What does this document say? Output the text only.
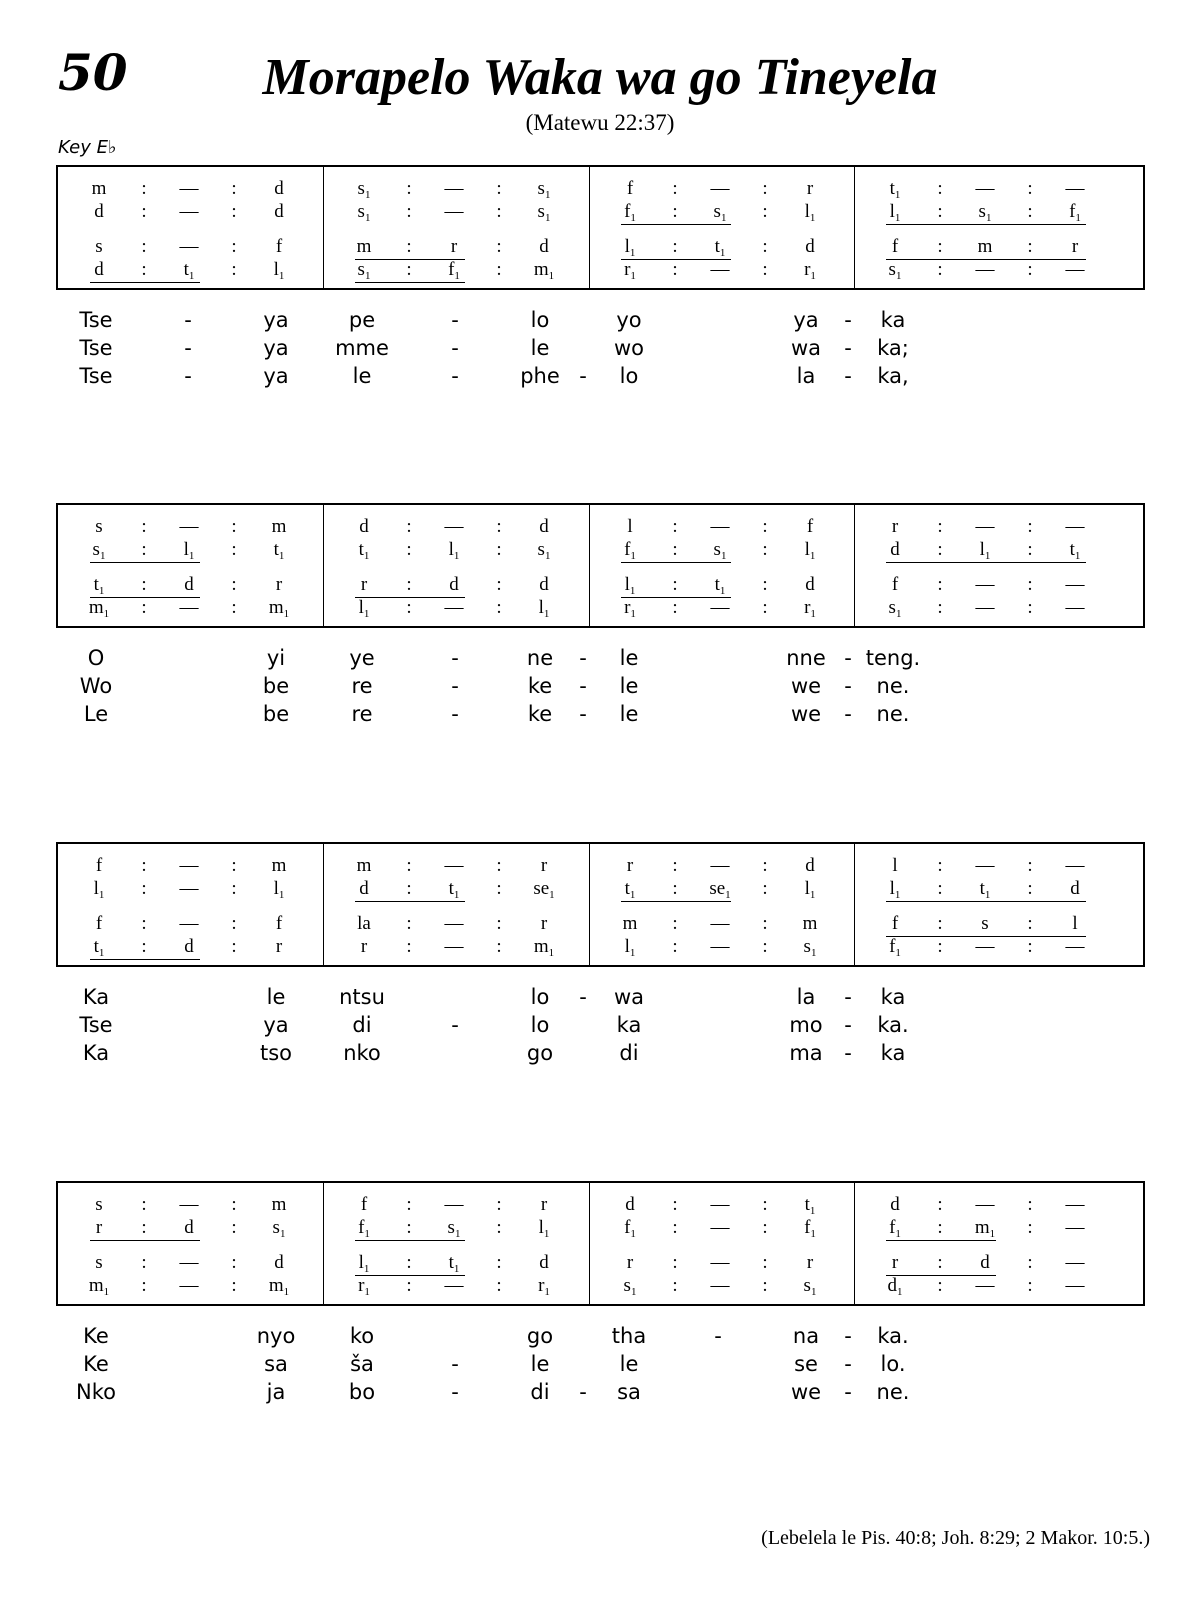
50	Morapelo Waka wa go Tineyela
(Matewu 22:37)
Key E♭
m : — : d	$s_1$ : — : $s_1$	f : — : r	$t_1$ : — : —
d : — : d	$s_1$ : — : $s_1$	$f_1$ : $s_1$ : $l_1$	$l_1$ : $s_1$ : $f_1$
s : — : f	m : r : d	$l_1$ : $t_1$ : d	f : m : r
d : $t_1$ : $l_1$	$s_1$ : $f_1$ : $m_1$	$r_1$ : — : $r_1$	$s_1$ : — : —
Tse	-	ya	pe	-	lo	yo	ya - ka
Tse	-	ya mme	-	le	wo	wa - ka;
Tse	-	ya	le	-	phe - lo	la - ka,
s : — : m	d : — : d	l : — : f	r : — : —
$s_1$ : $l_1$ : $t_1$	$t_1$ : $l_1$ : $s_1$	$f_1$ : $s_1$ : $l_1$	d : $l_1$ : $t_1$
$t_1$ : d : r	r : d : d	$l_1$ : $t_1$ : d	f : — : —
$m_1$ : — : $m_1$	$l_1$ : — : $l_1$	$r_1$ : — : $r_1$	$s_1$ : — : —
O	yi	ye	-	ne - le	nne - teng.
Wo	be	re	-	ke - le	we - ne.
Le	be	re	-	ke - le	we - ne.
f : — : m	m : — : r	r : — : d	l : — : —
$l_1$ : — : $l_1$	d : $t_1$ : $se_1$	$t_1$ : $se_1$ : $l_1$	$l_1$ : $t_1$ : d
f : — : f	la : — : r	m : — : m	f : s : l
$t_1$ : d : r	r : — : $m_1$	$l_1$ : — : $s_1$	$f_1$ : — : —
Ka	le	ntsu	lo - wa	la - ka
Tse	ya	di	-	lo	ka	mo - ka.
Ka	tso nko	go	di	ma - ka
s : — : m	f : — : r	d : — : $t_1$	d : — : —
r : d : $s_1$	$f_1$ : $s_1$ : $l_1$	$f_1$ : — : $f_1$	$f_1$ : $m_1$ : —
s : — : d	$l_1$ : $t_1$ : d	r : — : r	r : d : —
$m_1$ : — : $m_1$	$r_1$ : — : $r_1$	$s_1$ : — : $s_1$	$d_1$ : — : —
Ke	nyo	ko	go	tha	-	na - ka.
Ke	sa	ša	-	le	le	se - lo.
Nko	ja	bo	-	di - sa	we - ne.
(Lebelela le Pis. 40:8; Joh. 8:29; 2 Makor. 10:5.)
